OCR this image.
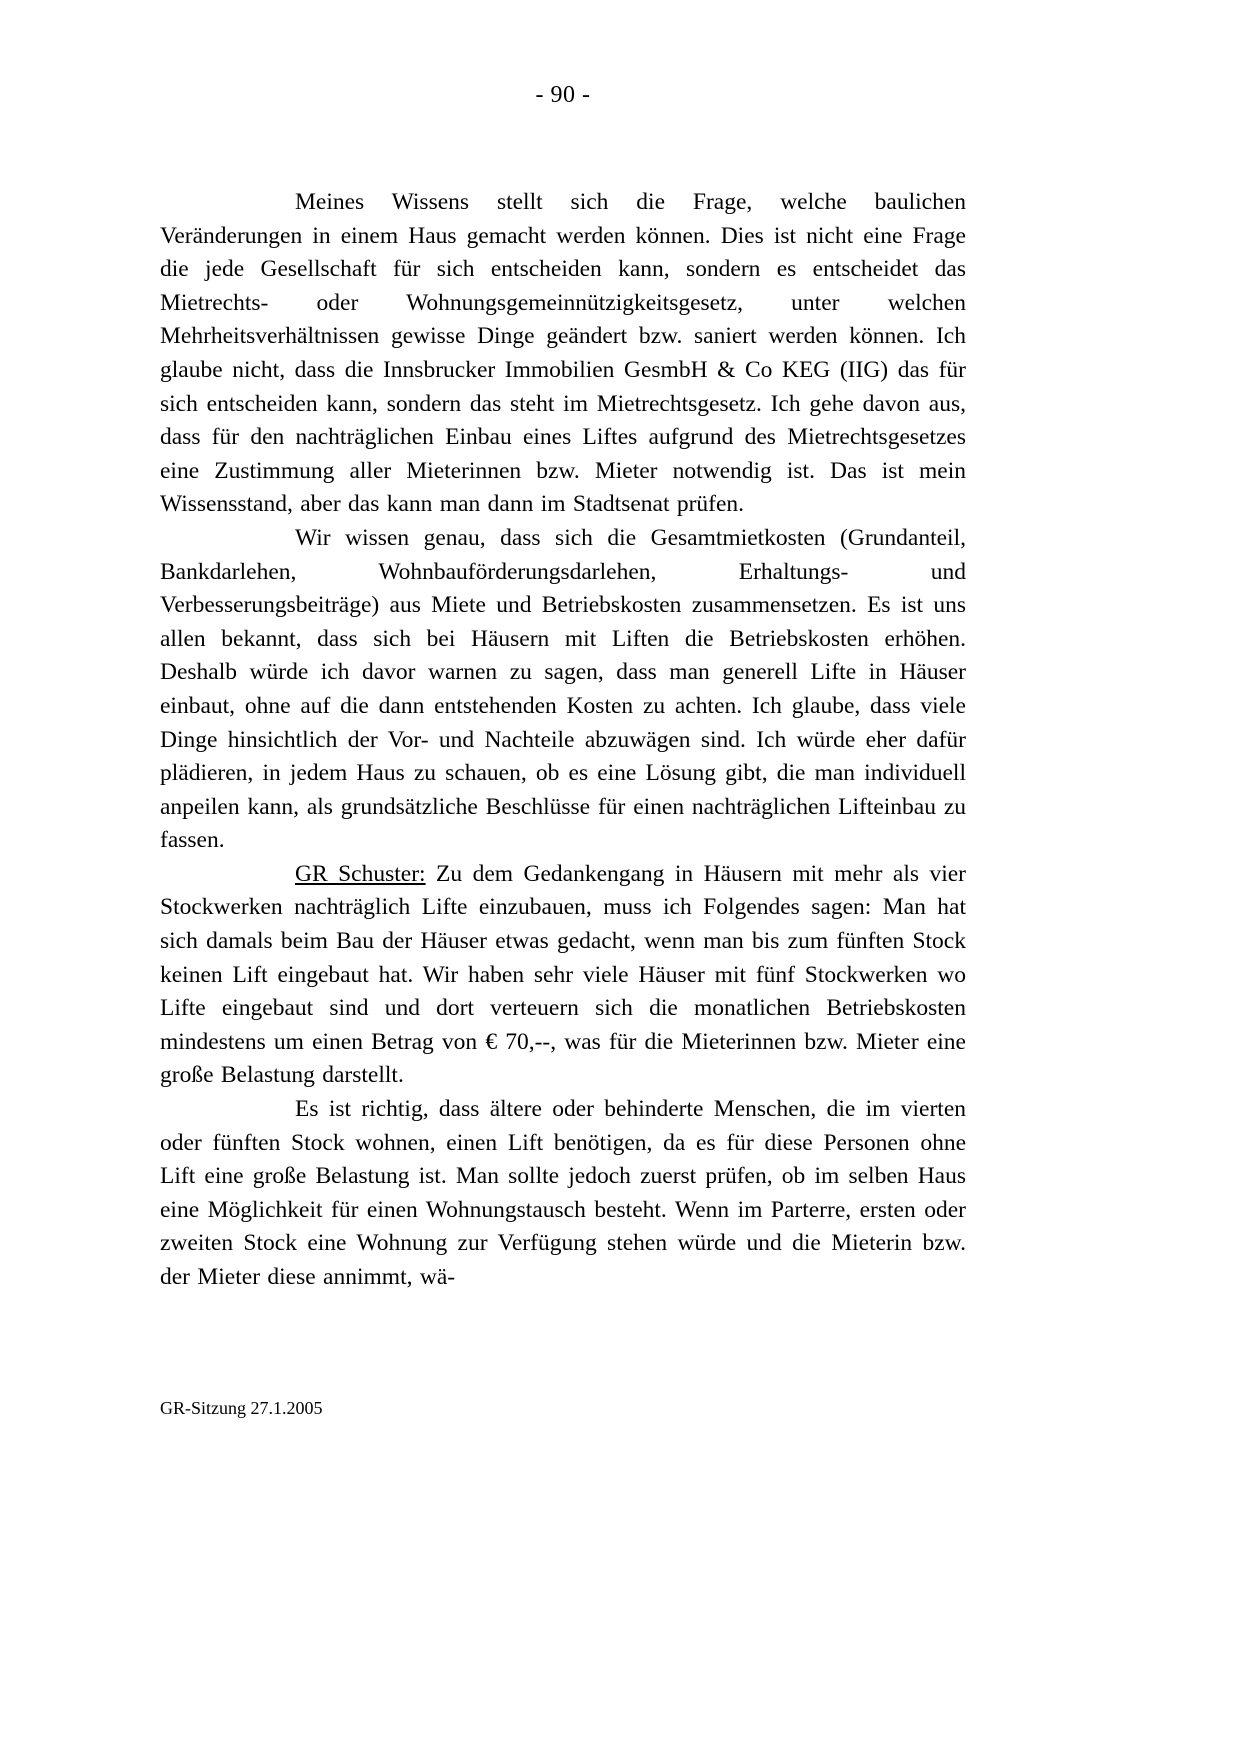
- 90 -

Meines Wissens stellt sich die Frage, welche baulichen Veränderungen in einem Haus gemacht werden können. Dies ist nicht eine Frage die jede Gesellschaft für sich entscheiden kann, sondern es entscheidet das Mietrechts- oder Wohnungsgemeinnützigkeitsgesetz, unter welchen Mehrheitsverhältnissen gewisse Dinge geändert bzw. saniert werden können. Ich glaube nicht, dass die Innsbrucker Immobilien GesmbH & Co KEG (IIG) das für sich entscheiden kann, sondern das steht im Mietrechtsgesetz. Ich gehe davon aus, dass für den nachträglichen Einbau eines Liftes aufgrund des Mietrechtsgesetzes eine Zustimmung aller Mieterinnen bzw. Mieter notwendig ist. Das ist mein Wissensstand, aber das kann man dann im Stadtsenat prüfen.

Wir wissen genau, dass sich die Gesamtmietkosten (Grundanteil, Bankdarlehen, Wohnbauförderungsdarlehen, Erhaltungs- und Verbesserungsbeiträge) aus Miete und Betriebskosten zusammensetzen. Es ist uns allen bekannt, dass sich bei Häusern mit Liften die Betriebskosten erhöhen. Deshalb würde ich davor warnen zu sagen, dass man generell Lifte in Häuser einbaut, ohne auf die dann entstehenden Kosten zu achten. Ich glaube, dass viele Dinge hinsichtlich der Vor- und Nachteile abzuwägen sind. Ich würde eher dafür plädieren, in jedem Haus zu schauen, ob es eine Lösung gibt, die man individuell anpeilen kann, als grundsätzliche Beschlüsse für einen nachträglichen Lifteinbau zu fassen.

GR Schuster: Zu dem Gedankengang in Häusern mit mehr als vier Stockwerken nachträglich Lifte einzubauen, muss ich Folgendes sagen: Man hat sich damals beim Bau der Häuser etwas gedacht, wenn man bis zum fünften Stock keinen Lift eingebaut hat. Wir haben sehr viele Häuser mit fünf Stockwerken wo Lifte eingebaut sind und dort verteuern sich die monatlichen Betriebskosten mindestens um einen Betrag von € 70,--, was für die Mieterinnen bzw. Mieter eine große Belastung darstellt.

Es ist richtig, dass ältere oder behinderte Menschen, die im vierten oder fünften Stock wohnen, einen Lift benötigen, da es für diese Personen ohne Lift eine große Belastung ist. Man sollte jedoch zuerst prüfen, ob im selben Haus eine Möglichkeit für einen Wohnungstausch besteht. Wenn im Parterre, ersten oder zweiten Stock eine Wohnung zur Verfügung stehen würde und die Mieterin bzw. der Mieter diese annimmt, wä-

GR-Sitzung 27.1.2005
